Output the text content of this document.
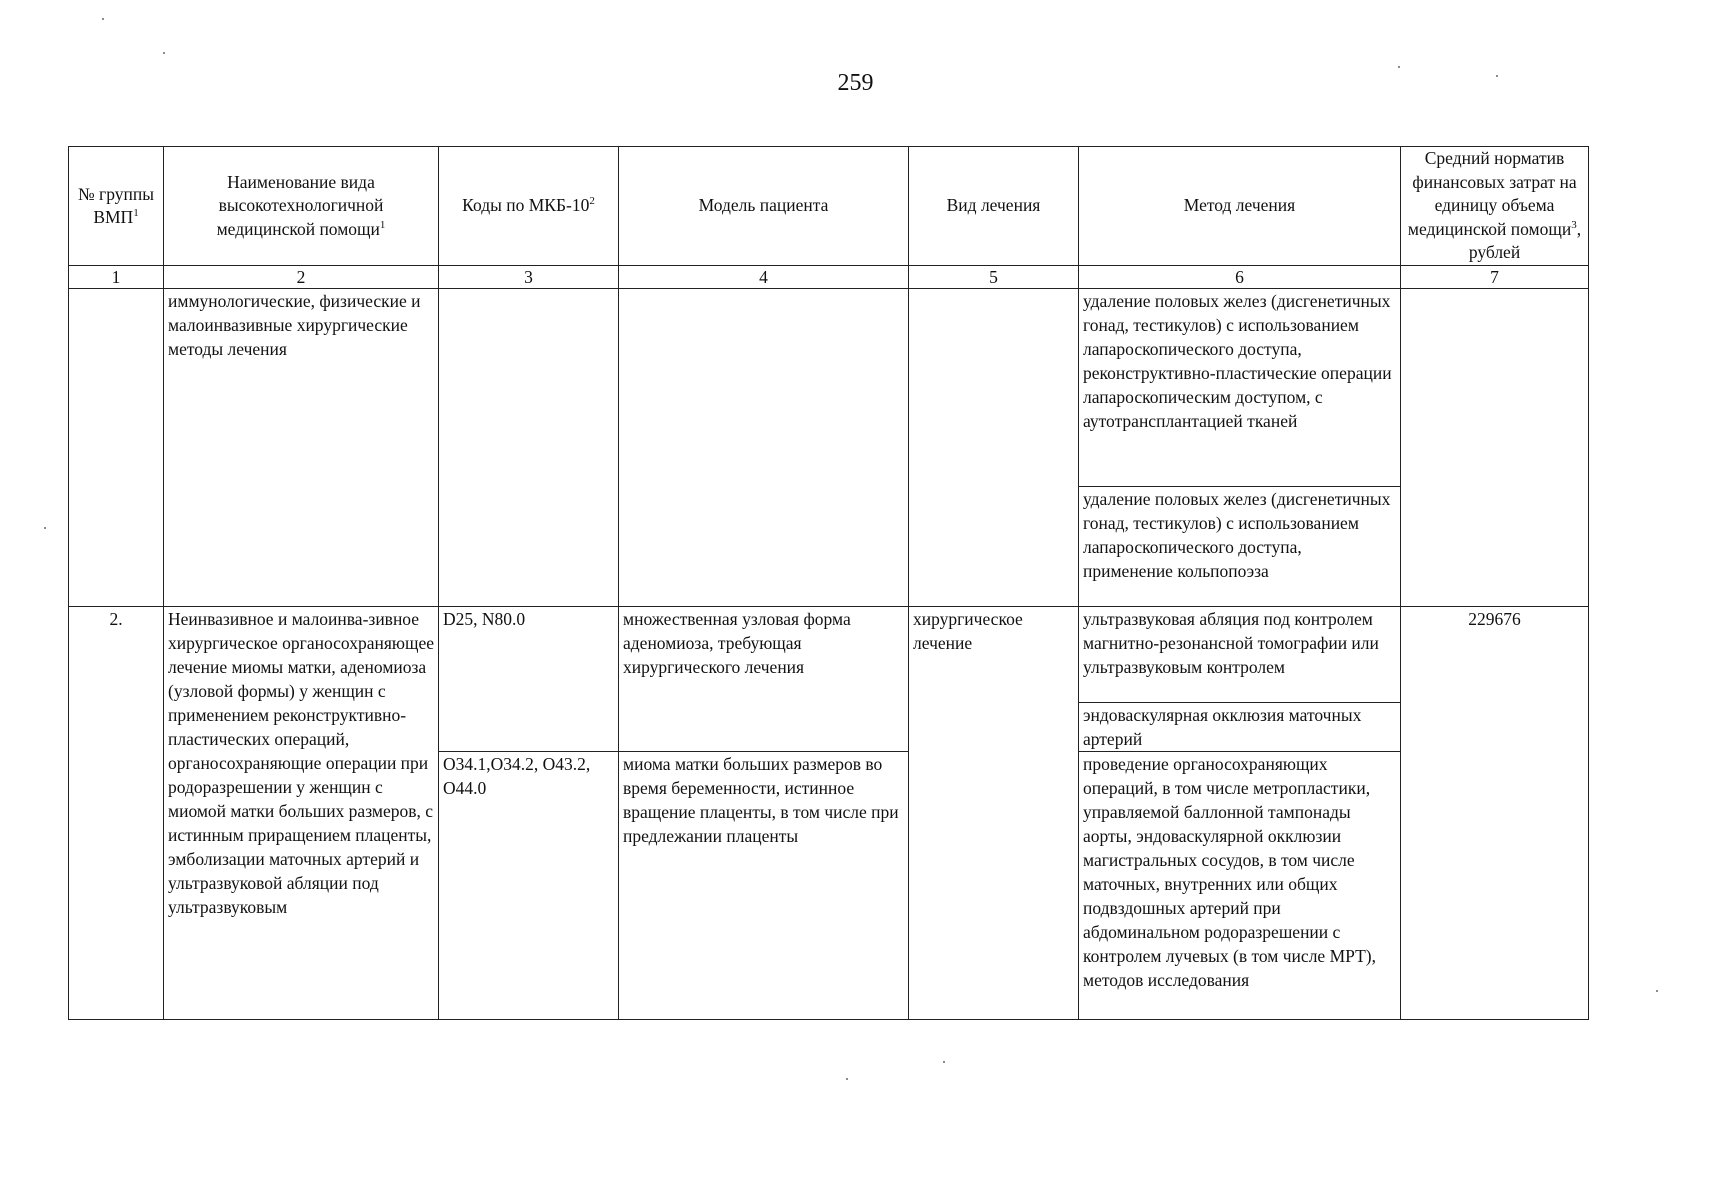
259
№ группы ВМП$^1$	Наименование вида высокотехнологичной медицинской помощи$^1$	Коды по МКБ-$10^2$	Модель пациента	Вид лечения	Метод лечения	Средний норматив финансовых затрат на единицу объема медицинской помощи$^3$, рублей
1	2	3	4	5	6	7
	иммунологические, физические и малоинвазивные хирургические методы лечения				удаление половых желез (дисгенетичных гонад, тестикулов) с использованием лапароскопического доступа, реконструктивно-пластические операции лапароскопическим доступом, с аутотрансплантацией тканей	
					удаление половых желез (дисгенетичных гонад, тестикулов) с использованием лапароскопического доступа, применение кольпопоэза	
2.	Неинвазивное и малоинва-зивное хирургическое органосохраняющее лечение миомы матки, аденомиоза (узловой формы) у женщин с применением реконструктивно-пластических операций, органосохраняющие операции при родоразрешении у женщин с миомой матки больших размеров, с истинным приращением плаценты, эмболизации маточных артерий и ультразвуковой абляции под ультразвуковым	D25, N80.0	множественная узловая форма аденомиоза, требующая хирургического лечения	хирургическое лечение	ультразвуковая абляция под контролем магнитно-резонансной томографии или ультразвуковым контролем	229676
					эндоваскулярная окклюзия маточных артерий	
		O34.1,O34.2, O43.2, O44.0	миома матки больших размеров во время беременности, истинное вращение плаценты, в том числе при предлежании плаценты		проведение органосохраняющих операций, в том числе метропластики, управляемой баллонной тампонады аорты, эндоваскулярной окклюзии магистральных сосудов, в том числе маточных, внутренних или общих подвздошных артерий при абдоминальном родоразрешении с контролем лучевых (в том числе МРТ), методов исследования	
